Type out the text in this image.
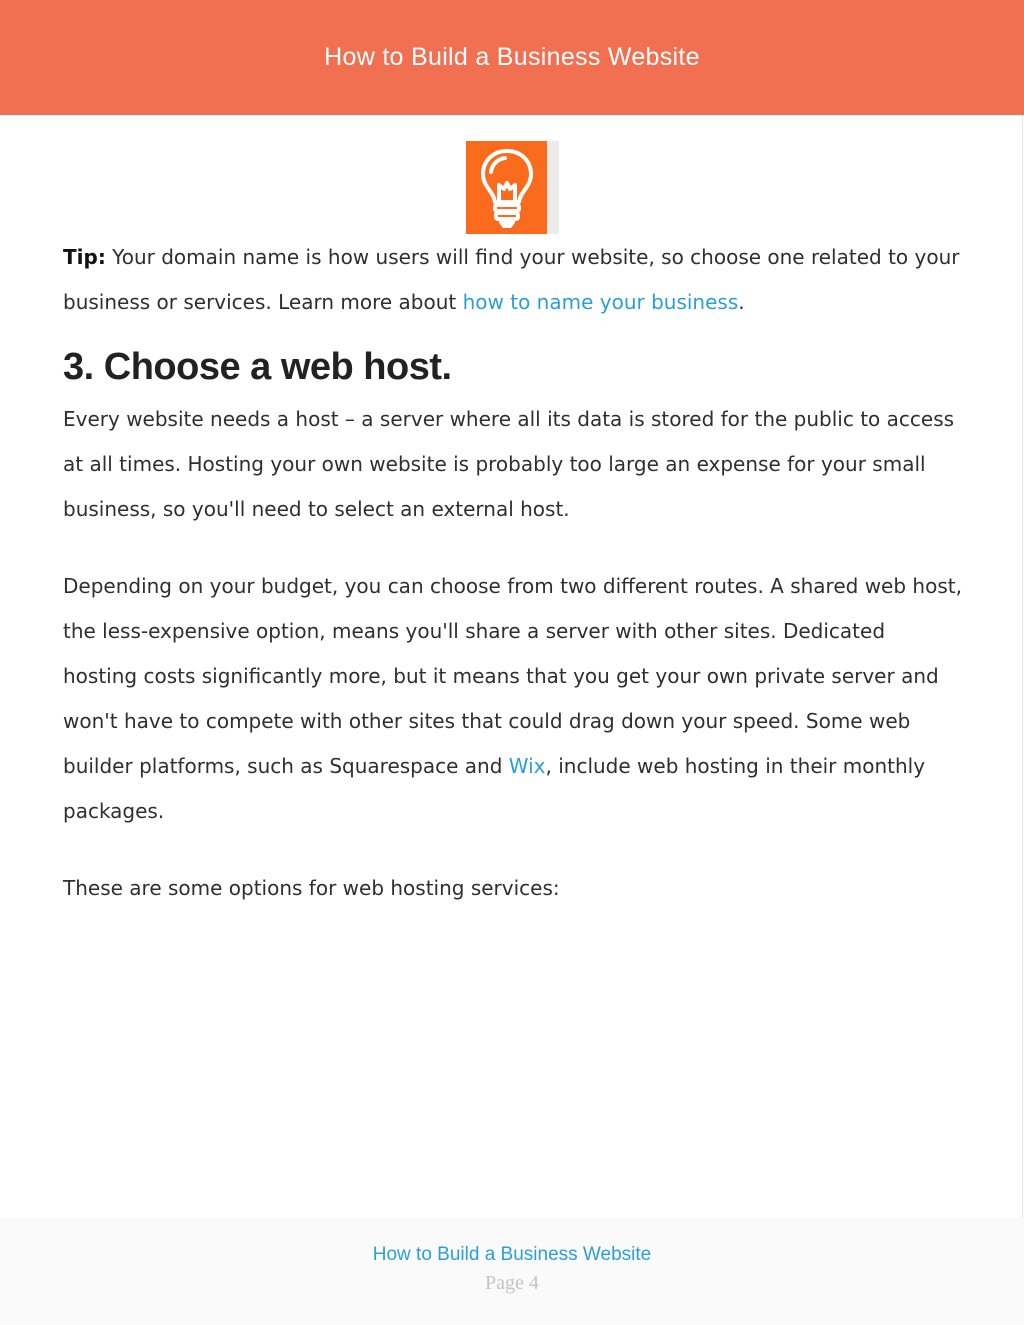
How to Build a Business Website

Tip: Your domain name is how users will find your website, so choose one related to your business or services. Learn more about how to name your business.

3. Choose a web host.

Every website needs a host – a server where all its data is stored for the public to access at all times. Hosting your own website is probably too large an expense for your small business, so you'll need to select an external host.

Depending on your budget, you can choose from two different routes. A shared web host, the less-expensive option, means you'll share a server with other sites. Dedicated hosting costs significantly more, but it means that you get your own private server and won't have to compete with other sites that could drag down your speed. Some web builder platforms, such as Squarespace and Wix, include web hosting in their monthly packages.

These are some options for web hosting services:

How to Build a Business Website
Page 4
